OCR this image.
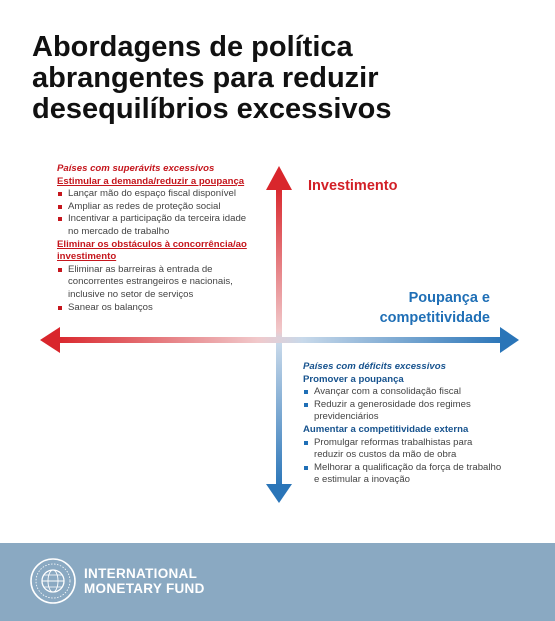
Abordagens de política
abrangentes para reduzir
desequilíbrios excessivos
Investimento
Poupança e
competitividade
Países com superávits excessivos
Estimular a demanda/reduzir a poupança
Lançar mão do espaço fiscal disponível
Ampliar as redes de proteção social
Incentivar a participação da terceira idade
no mercado de trabalho
Eliminar os obstáculos à concorrência/ao
investimento
Eliminar as barreiras à entrada de
concorrentes estrangeiros e nacionais,
inclusive no setor de serviços
Sanear os balanços
Países com déficits excessivos
Promover a poupança
Avançar com a consolidação fiscal
Reduzir a generosidade dos regimes
previdenciários
Aumentar a competitividade externa
Promulgar reformas trabalhistas para
reduzir os custos da mão de obra
Melhorar a qualificação da força de trabalho
e estimular a inovação
INTERNATIONAL
MONETARY FUND
